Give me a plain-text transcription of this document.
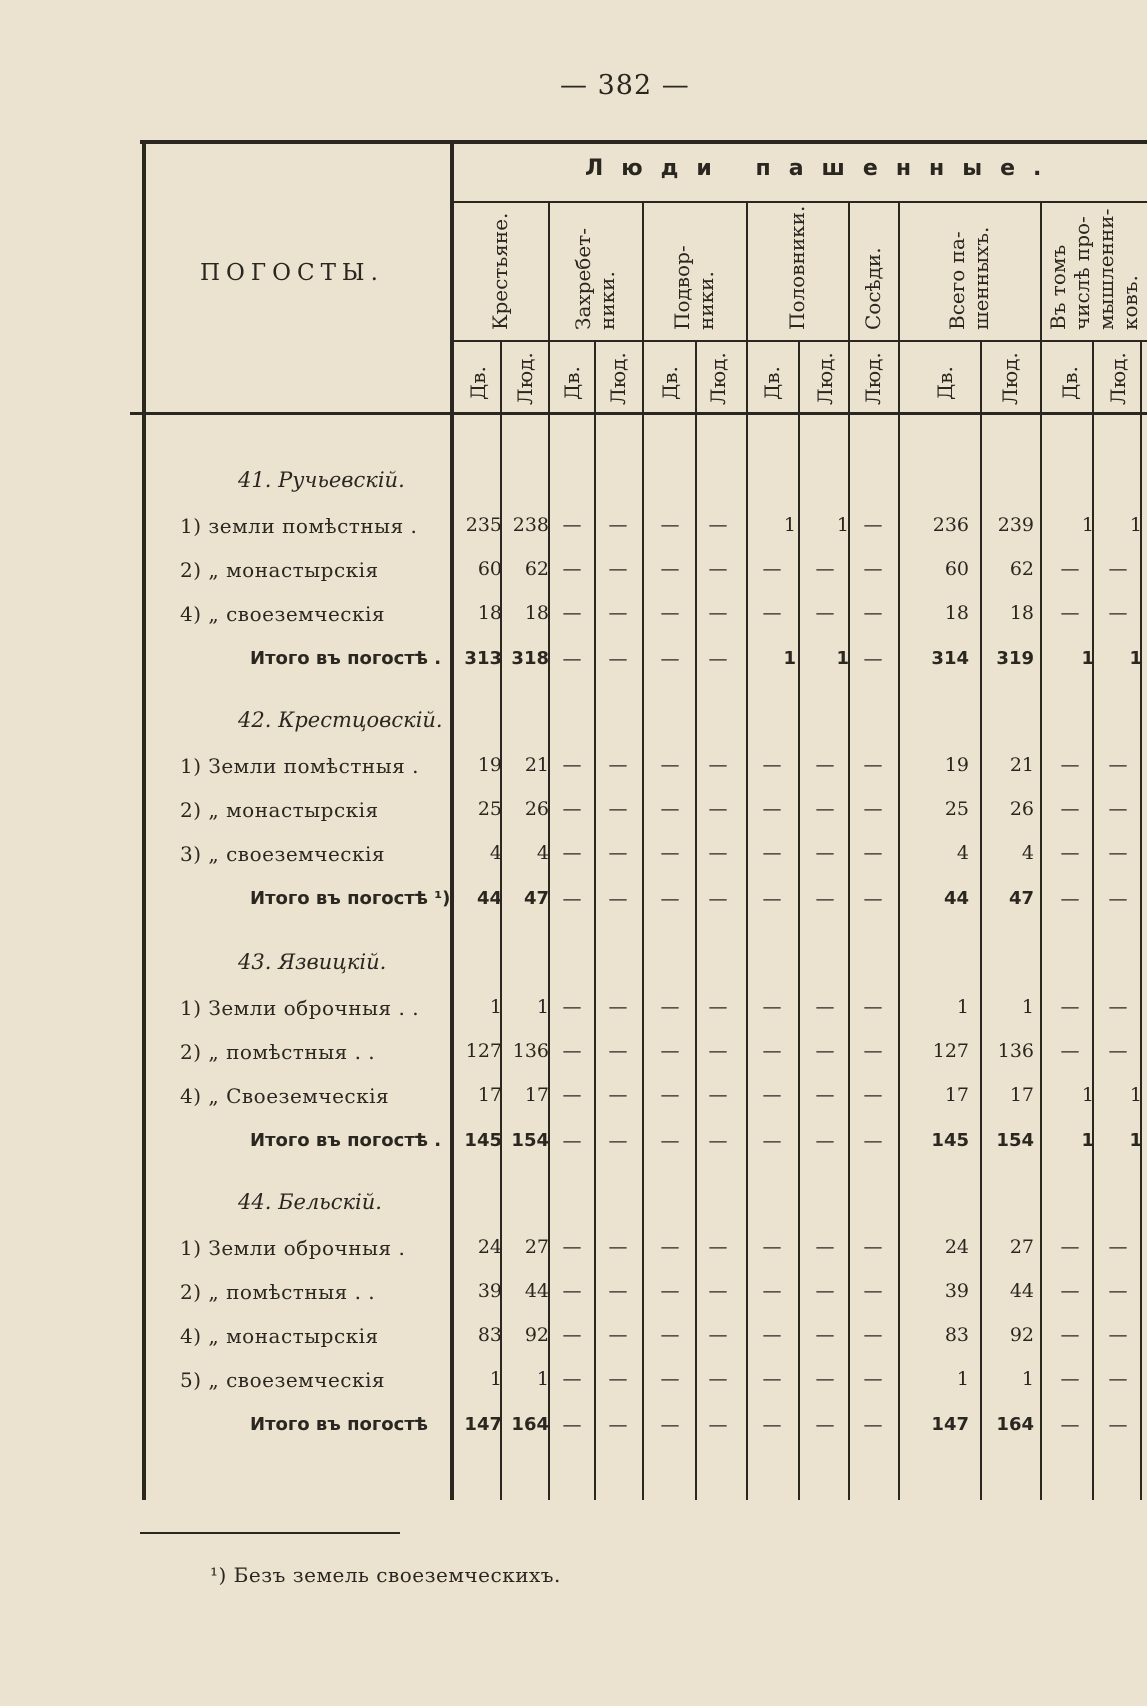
— 382 —
Люди пашенные.
ПОГОСТЫ.	Крестьяне.	Захребет- ники.	Подвор- ники.	Половники.	Сосѣди.	Всего па- шенныхъ.	Въ томъ числѣ про- мышленни- ковъ.
Дв. Люд. Дв. Люд. Дв. Люд. Дв. Люд. Люд. Дв. Люд. Дв. Люд.
41. Ручьевскій.
1) земли помѣстныя .	235 238 —	—	—	—	1	1 —	236	239	1	1
2) „ монастырскія	60	62 —	—	—	—	—	—	—	60	62	—	—
4) „ своеземческія	18	18 —	—	—	—	—	—	—	18	18	—	—
Итого въ погостѣ .	313 318 —	—	—	—	1	1 —	314	319	1	1
42. Крестцовскій.
1) Земли помѣстныя .	19	21 —	—	—	—	—	—	—	19	21	—	—
2) „ монастырскія	25	26 —	—	—	—	—	—	—	25	26	—	—
3) „ своеземческія	4	4 —	—	—	—	—	—	—	4	4	—	—
Итого въ погостѣ ¹)	44	47 —	—	—	—	—	—	—	44	47	—	—
43. Язвицкій.
1) Земли оброчныя . .	1	1 —	—	—	—	—	—	—	1	1	—	—
2) „ помѣстныя . .	127 136 —	—	—	—	—	—	—	127	136	—	—
4) „ Своеземческія	17	17 —	—	—	—	—	—	—	17	17	1	1
Итого въ погостѣ .	145 154 —	—	—	—	—	—	—	145	154	1	1
44. Бельскій.
1) Земли оброчныя .	24	27 —	—	—	—	—	—	—	24	27	—	—
2) „ помѣстныя . .	39	44 —	—	—	—	—	—	—	39	44	—	—
4) „ монастырскія	83	92 —	—	—	—	—	—	—	83	92	—	—
5) „ своеземческія	1	1 —	—	—	—	—	—	—	1	1	—	—
Итого въ погостѣ	147 164 —	—	—	—	—	—	—	147	164	—	—
¹) Безъ земель своеземческихъ.
